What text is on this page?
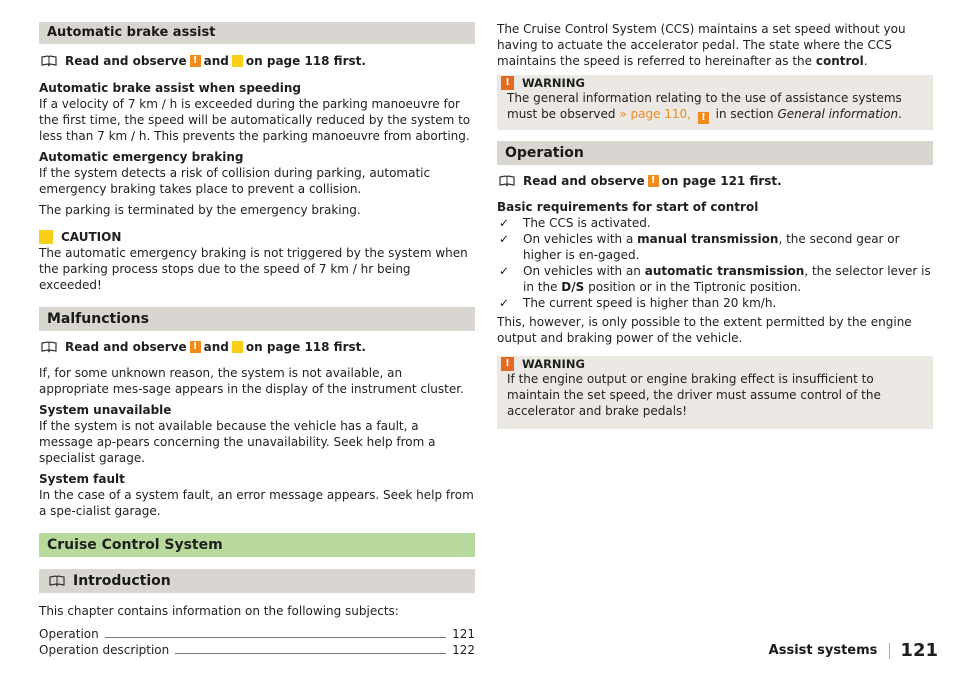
Automatic brake assist
Read and observe ! and on page 118 first.

Automatic brake assist when speeding

If a velocity of 7 km / h is exceeded during the parking manoeuvre for the first time, the speed will be automatically reduced by the system to less than 7 km / h. This prevents the parking manoeuvre from aborting.

Automatic emergency braking

If the system detects a risk of collision during parking, automatic emergency braking takes place to prevent a collision.

The parking is terminated by the emergency braking.

CAUTION

The automatic emergency braking is not triggered by the system when the parking process stops due to the speed of 7 km / hr being exceeded!

Malfunctions
Read and observe ! and on page 118 first.

If, for some unknown reason, the system is not available, an appropriate mes-sage appears in the display of the instrument cluster.

System unavailable

If the system is not available because the vehicle has a fault, a message ap-pears concerning the unavailability. Seek help from a specialist garage.

System fault

In the case of a system fault, an error message appears. Seek help from a spe-cialist garage.

Cruise Control System
Introduction

This chapter contains information on the following subjects:

Operation	121
Operation description	122

The Cruise Control System (CCS) maintains a set speed without you having to actuate the accelerator pedal. The state where the CCS maintains the speed is referred to hereinafter as the control.

!	WARNING

The general information relating to the use of assistance systems must be observed » page 110, ! in section General information.

Operation
Read and observe ! on page 121 first.

Basic requirements for start of control

✓	The CCS is activated.
✓	On vehicles with a manual transmission, the second gear or higher is en-gaged.
✓	On vehicles with an automatic transmission, the selector lever is in the D/S position or in the Tiptronic position.
✓	The current speed is higher than 20 km/h.

This, however, is only possible to the extent permitted by the engine output and braking power of the vehicle.

!	WARNING

If the engine output or engine braking effect is insufficient to maintain the set speed, the driver must assume control of the accelerator and brake pedals!

Assist systems	121
